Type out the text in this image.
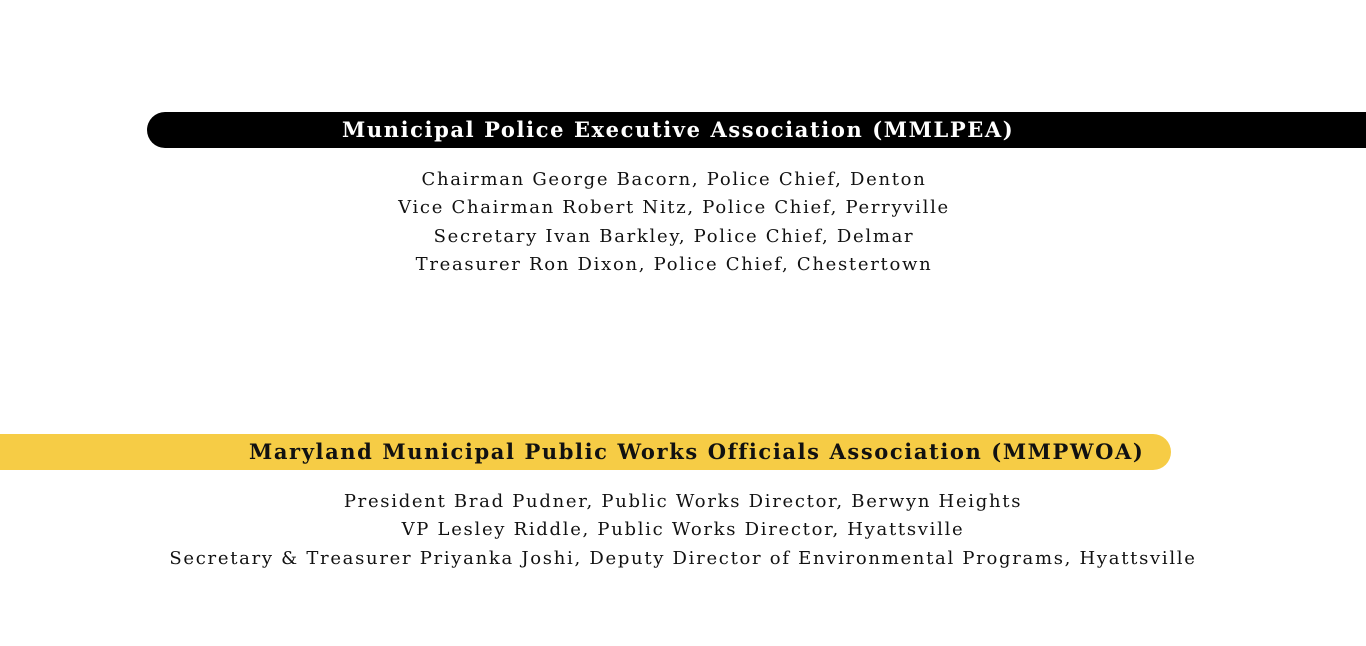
Municipal Police Executive Association (MMLPEA)
Chairman George Bacorn, Police Chief, Denton
Vice Chairman Robert Nitz, Police Chief, Perryville
Secretary Ivan Barkley, Police Chief, Delmar
Treasurer Ron Dixon, Police Chief, Chestertown
Maryland Municipal Public Works Officials Association (MMPWOA)
President Brad Pudner, Public Works Director, Berwyn Heights
VP Lesley Riddle, Public Works Director, Hyattsville
Secretary & Treasurer Priyanka Joshi, Deputy Director of Environmental Programs, Hyattsville
